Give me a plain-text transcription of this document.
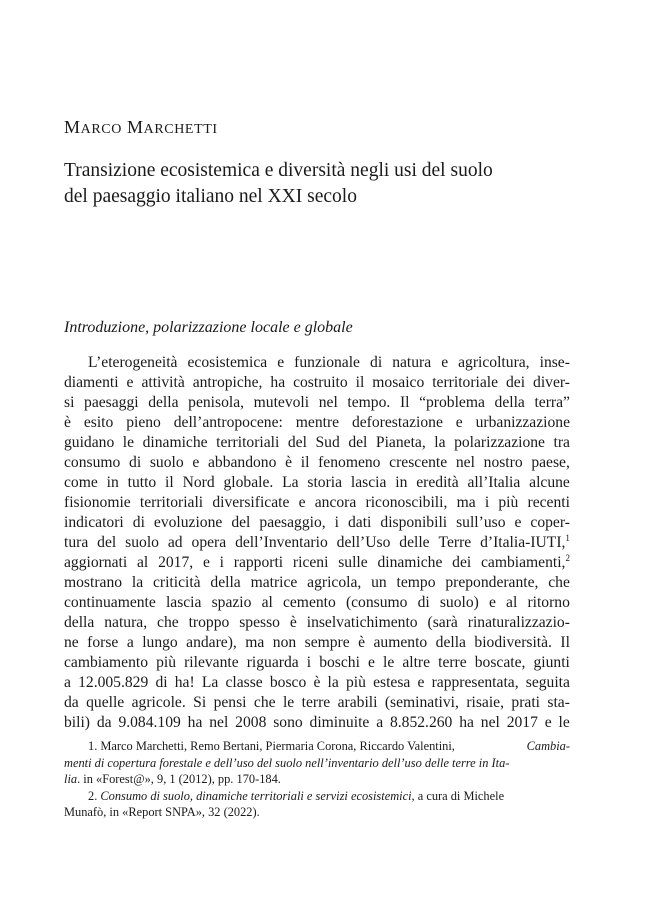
MARCO MARCHETTI
Transizione ecosistemica e diversità negli usi del suolo
del paesaggio italiano nel XXI secolo
Introduzione, polarizzazione locale e globale
L’eterogeneità ecosistemica e funzionale di natura e agricoltura, inse-
diamenti e attività antropiche, ha costruito il mosaico territoriale dei diver-
si paesaggi della penisola, mutevoli nel tempo. Il “problema della terra”
è esito pieno dell’antropocene: mentre deforestazione e urbanizzazione
guidano le dinamiche territoriali del Sud del Pianeta, la polarizzazione tra
consumo di suolo e abbandono è il fenomeno crescente nel nostro paese,
come in tutto il Nord globale. La storia lascia in eredità all’Italia alcune
fisionomie territoriali diversificate e ancora riconoscibili, ma i più recenti
indicatori di evoluzione del paesaggio, i dati disponibili sull’uso e coper-
tura del suolo ad opera dell’Inventario dell’Uso delle Terre d’Italia-IUTI,$^1$
aggiornati al 2017, e i rapporti riceni sulle dinamiche dei cambiamenti,$^2$
mostrano la criticità della matrice agricola, un tempo preponderante, che
continuamente lascia spazio al cemento (consumo di suolo) e al ritorno
della natura, che troppo spesso è inselvatichimento (sarà rinaturalizzazio-
ne forse a lungo andare), ma non sempre è aumento della biodiversità. Il
cambiamento più rilevante riguarda i boschi e le altre terre boscate, giunti
a 12.005.829 di ha! La classe bosco è la più estesa e rappresentata, seguita
da quelle agricole. Si pensi che le terre arabili (seminativi, risaie, prati sta-
bili) da 9.084.109 ha nel 2008 sono diminuite a 8.852.260 ha nel 2017 e le
1. Marco Marchetti, Remo Bertani, Piermaria Corona, Riccardo Valentini,	Cambia-
menti di copertura forestale e dell’uso del suolo nell’inventario dell’uso delle terre in Ita-
lia . in «Forest@», 9, 1 (2012), pp. 170-184.
2.
Consumo di suolo, dinamiche territoriali e servizi ecosistemici , a cura di Michele
Munafò, in «Report SNPA», 32 (2022).
